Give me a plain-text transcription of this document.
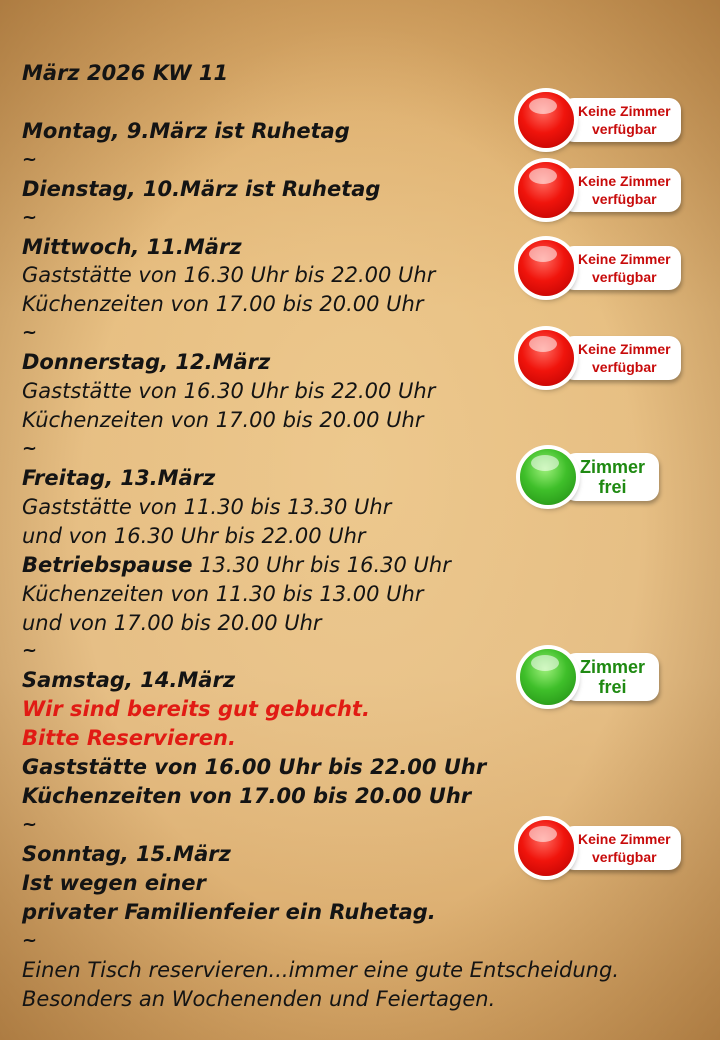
März 2026 KW 11
Montag, 9.März ist Ruhetag
~
Dienstag, 10.März ist Ruhetag
~
Mittwoch, 11.März
Gaststätte von 16.30 Uhr bis 22.00 Uhr
Küchenzeiten von 17.00 bis 20.00 Uhr
~
Donnerstag, 12.März
Gaststätte von 16.30 Uhr bis 22.00 Uhr
Küchenzeiten von 17.00 bis 20.00 Uhr
~
Freitag, 13.März
Gaststätte von 11.30 bis 13.30 Uhr
und von 16.30 Uhr bis 22.00 Uhr
Betriebspause 13.30 Uhr bis 16.30 Uhr
Küchenzeiten von 11.30 bis 13.00 Uhr
und von 17.00 bis 20.00 Uhr
~
Samstag, 14.März
Wir sind bereits gut gebucht.
Bitte Reservieren.
Gaststätte von 16.00 Uhr bis 22.00 Uhr
Küchenzeiten von 17.00 bis 20.00 Uhr
~
Sonntag, 15.März
Ist wegen einer
privater Familienfeier ein Ruhetag.
~
Einen Tisch reservieren...immer eine gute Entscheidung.
Besonders an Wochenenden und Feiertagen.
Keine Zimmer
verfügbar
Keine Zimmer
verfügbar
Keine Zimmer
verfügbar
Keine Zimmer
verfügbar
Zimmer
frei
Zimmer
frei
Keine Zimmer
verfügbar
